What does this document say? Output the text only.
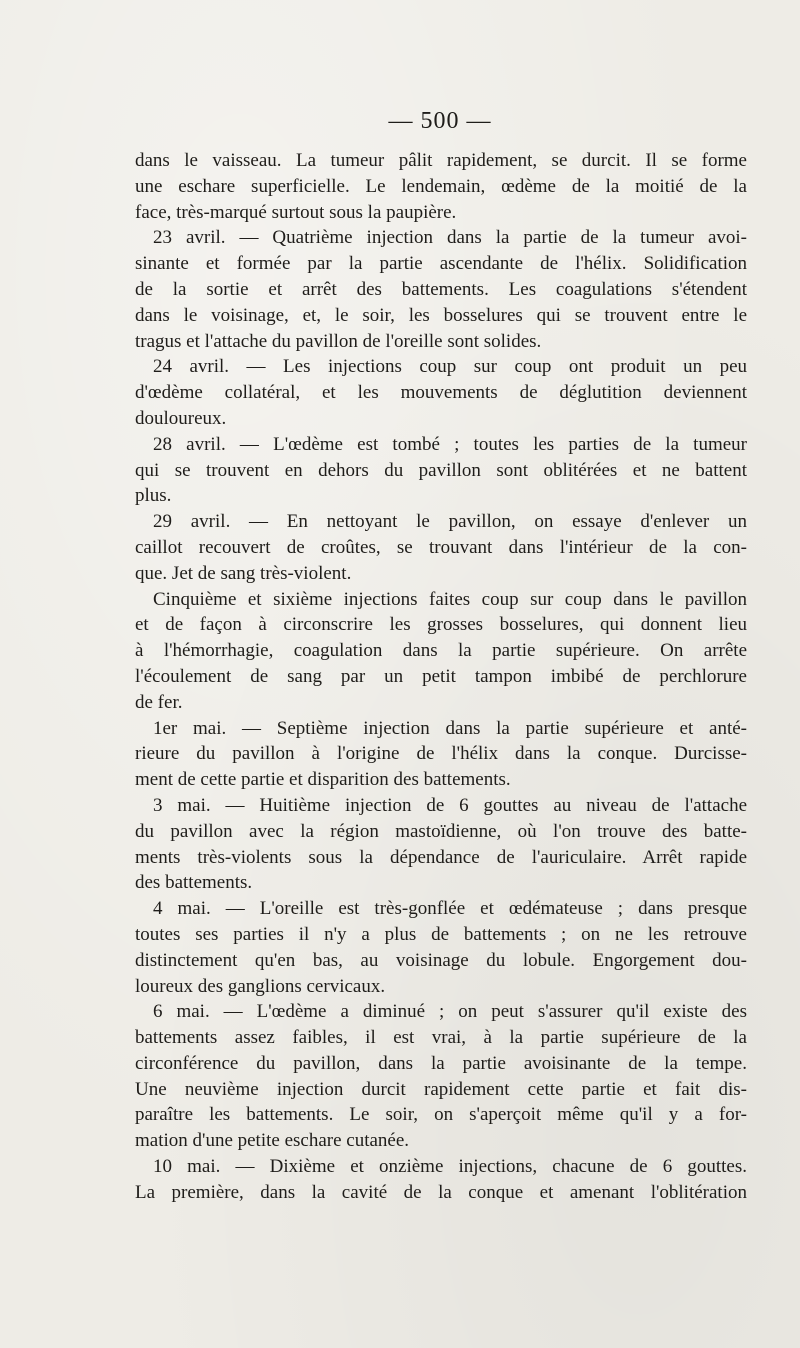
— 500 —
dans le vaisseau. La tumeur pâlit rapidement, se durcit. Il se forme
une eschare superficielle. Le lendemain, œdème de la moitié de la
face, très-marqué surtout sous la paupière.
23 avril. — Quatrième injection dans la partie de la tumeur avoi-
sinante et formée par la partie ascendante de l'hélix. Solidification
de la sortie et arrêt des battements. Les coagulations s'étendent
dans le voisinage, et, le soir, les bosselures qui se trouvent entre le
tragus et l'attache du pavillon de l'oreille sont solides.
24 avril. — Les injections coup sur coup ont produit un peu
d'œdème collatéral, et les mouvements de déglutition deviennent
douloureux.
28 avril. — L'œdème est tombé ; toutes les parties de la tumeur
qui se trouvent en dehors du pavillon sont oblitérées et ne battent
plus.
29 avril. — En nettoyant le pavillon, on essaye d'enlever un
caillot recouvert de croûtes, se trouvant dans l'intérieur de la con-
que. Jet de sang très-violent.
Cinquième et sixième injections faites coup sur coup dans le pavillon
et de façon à circonscrire les grosses bosselures, qui donnent lieu
à l'hémorrhagie, coagulation dans la partie supérieure. On arrête
l'écoulement de sang par un petit tampon imbibé de perchlorure
de fer.
1er mai. — Septième injection dans la partie supérieure et anté-
rieure du pavillon à l'origine de l'hélix dans la conque. Durcisse-
ment de cette partie et disparition des battements.
3 mai. — Huitième injection de 6 gouttes au niveau de l'attache
du pavillon avec la région mastoïdienne, où l'on trouve des batte-
ments très-violents sous la dépendance de l'auriculaire. Arrêt rapide
des battements.
4 mai. — L'oreille est très-gonflée et œdémateuse ; dans presque
toutes ses parties il n'y a plus de battements ; on ne les retrouve
distinctement qu'en bas, au voisinage du lobule. Engorgement dou-
loureux des ganglions cervicaux.
6 mai. — L'œdème a diminué ; on peut s'assurer qu'il existe des
battements assez faibles, il est vrai, à la partie supérieure de la
circonférence du pavillon, dans la partie avoisinante de la tempe.
Une neuvième injection durcit rapidement cette partie et fait dis-
paraître les battements. Le soir, on s'aperçoit même qu'il y a for-
mation d'une petite eschare cutanée.
10 mai. — Dixième et onzième injections, chacune de 6 gouttes.
La première, dans la cavité de la conque et amenant l'oblitération
